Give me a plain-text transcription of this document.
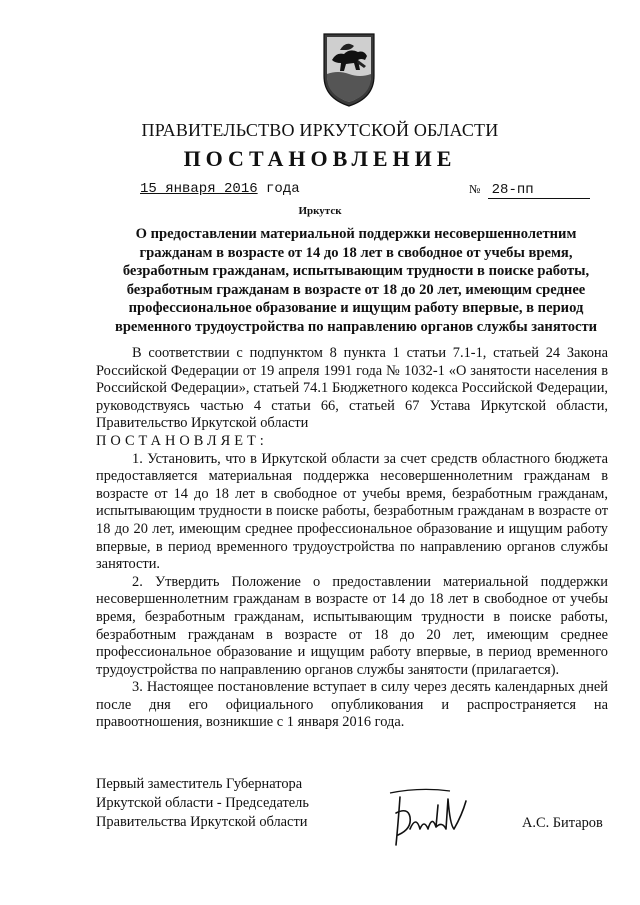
ПРАВИТЕЛЬСТВО ИРКУТСКОЙ ОБЛАСТИ
ПОСТАНОВЛЕНИЕ
15 января 2016 года	№ 28-пп
Иркутск
О предоставлении материальной поддержки несовершеннолетним
гражданам в возрасте от 14 до 18 лет в свободное от учебы время,
безработным гражданам, испытывающим трудности в поиске работы,
безработным гражданам в возрасте от 18 до 20 лет, имеющим среднее
профессиональное образование и ищущим работу впервые, в период
временного трудоустройства по направлению органов службы занятости

В соответствии с подпунктом 8 пункта 1 статьи 7.1-1, статьей 24 Закона Российской Федерации от 19 апреля 1991 года № 1032-1 «О занятости населения в Российской Федерации», статьей 74.1 Бюджетного кодекса Российской Федерации, руководствуясь частью 4 статьи 66, статьей 67 Устава Иркутской области, Правительство Иркутской области

ПОСТАНОВЛЯЕТ:

1. Установить, что в Иркутской области за счет средств областного бюджета предоставляется материальная поддержка несовершеннолетним гражданам в возрасте от 14 до 18 лет в свободное от учебы время, безработным гражданам, испытывающим трудности в поиске работы, безработным гражданам в возрасте от 18 до 20 лет, имеющим среднее профессиональное образование и ищущим работу впервые, в период временного трудоустройства по направлению органов службы занятости.

2. Утвердить Положение о предоставлении материальной поддержки несовершеннолетним гражданам в возрасте от 14 до 18 лет в свободное от учебы время, безработным гражданам, испытывающим трудности в поиске работы, безработным гражданам в возрасте от 18 до 20 лет, имеющим среднее профессиональное образование и ищущим работу впервые, в период временного трудоустройства по направлению органов службы занятости (прилагается).

3. Настоящее постановление вступает в силу через десять календарных дней после дня его официального опубликования и распространяется на правоотношения, возникшие с 1 января 2016 года.

Первый заместитель Губернатора
Иркутской области - Председатель
Правительства Иркутской области	А.С. Битаров
